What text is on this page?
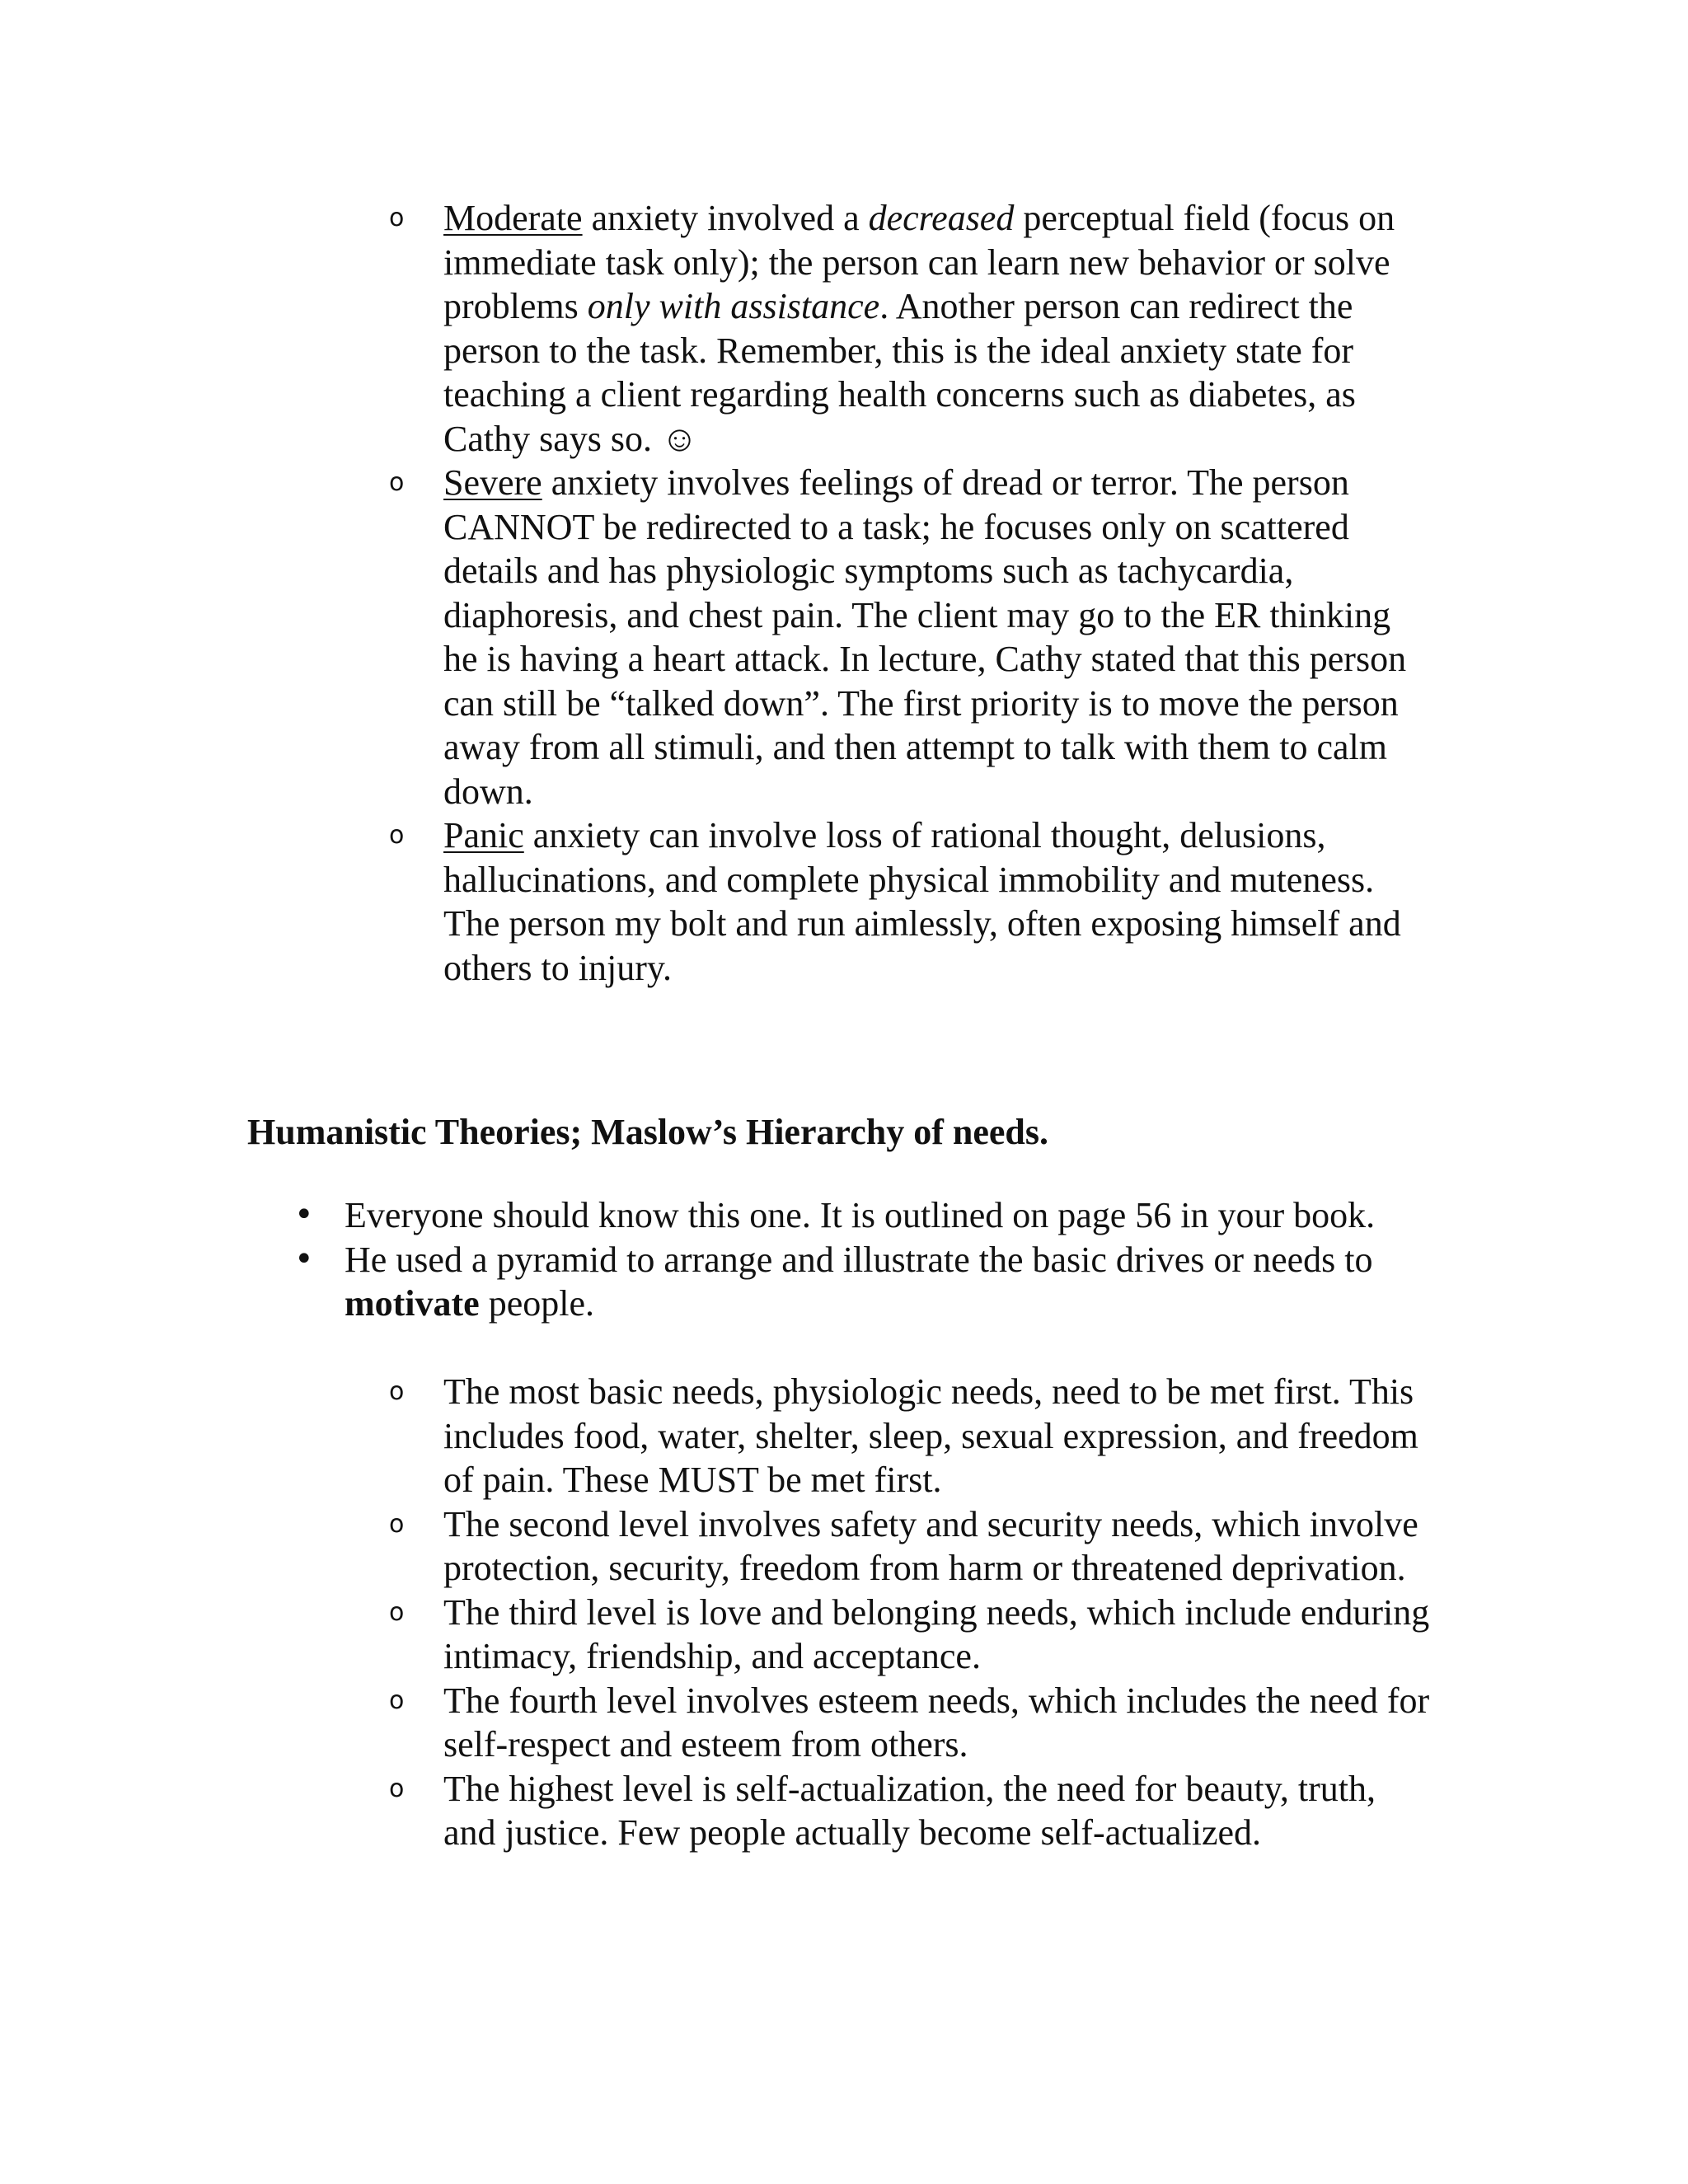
o Moderate anxiety involved a decreased perceptual field (focus on immediate task only); the person can learn new behavior or solve problems only with assistance. Another person can redirect the person to the task. Remember, this is the ideal anxiety state for teaching a client regarding health concerns such as diabetes, as Cathy says so. ☺
o Severe anxiety involves feelings of dread or terror. The person CANNOT be redirected to a task; he focuses only on scattered details and has physiologic symptoms such as tachycardia, diaphoresis, and chest pain. The client may go to the ER thinking he is having a heart attack. In lecture, Cathy stated that this person can still be “talked down”. The first priority is to move the person away from all stimuli, and then attempt to talk with them to calm down.
o Panic anxiety can involve loss of rational thought, delusions, hallucinations, and complete physical immobility and muteness. The person my bolt and run aimlessly, often exposing himself and others to injury.
Humanistic Theories; Maslow’s Hierarchy of needs.
• Everyone should know this one. It is outlined on page 56 in your book.
• He used a pyramid to arrange and illustrate the basic drives or needs to motivate people.
o The most basic needs, physiologic needs, need to be met first. This includes food, water, shelter, sleep, sexual expression, and freedom of pain. These MUST be met first.
o The second level involves safety and security needs, which involve protection, security, freedom from harm or threatened deprivation.
o The third level is love and belonging needs, which include enduring intimacy, friendship, and acceptance.
o The fourth level involves esteem needs, which includes the need for self-respect and esteem from others.
o The highest level is self-actualization, the need for beauty, truth, and justice. Few people actually become self-actualized.
